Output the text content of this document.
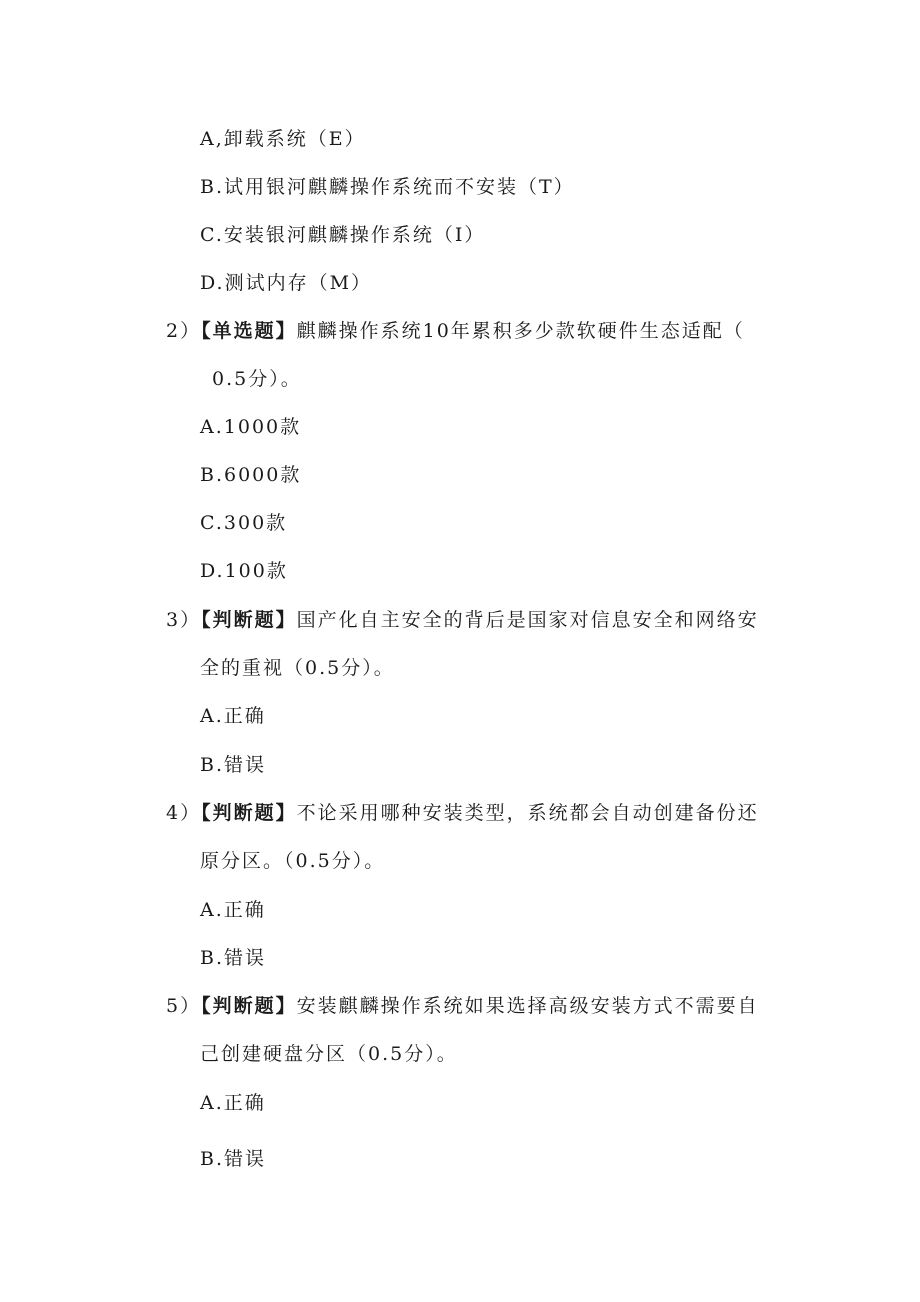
A,卸载系统（E）
B.试用银河麒麟操作系统而不安装（T）
C.安装银河麒麟操作系统（I）
D.测试内存（M）
2）【单选题】麒麟操作系统10年累积多少款软硬件生态适配（
0.5分）。
A.1000款
B.6000款
C.300款
D.100款
3）【判断题】国产化自主安全的背后是国家对信息安全和网络安
全的重视（0.5分）。
A.正确
B.错误
4）【判断题】不论采用哪种安装类型，系统都会自动创建备份还
原分区。（0.5分）。
A.正确
B.错误
5）【判断题】安装麒麟操作系统如果选择高级安装方式不需要自
己创建硬盘分区（0.5分）。
A.正确
B.错误
